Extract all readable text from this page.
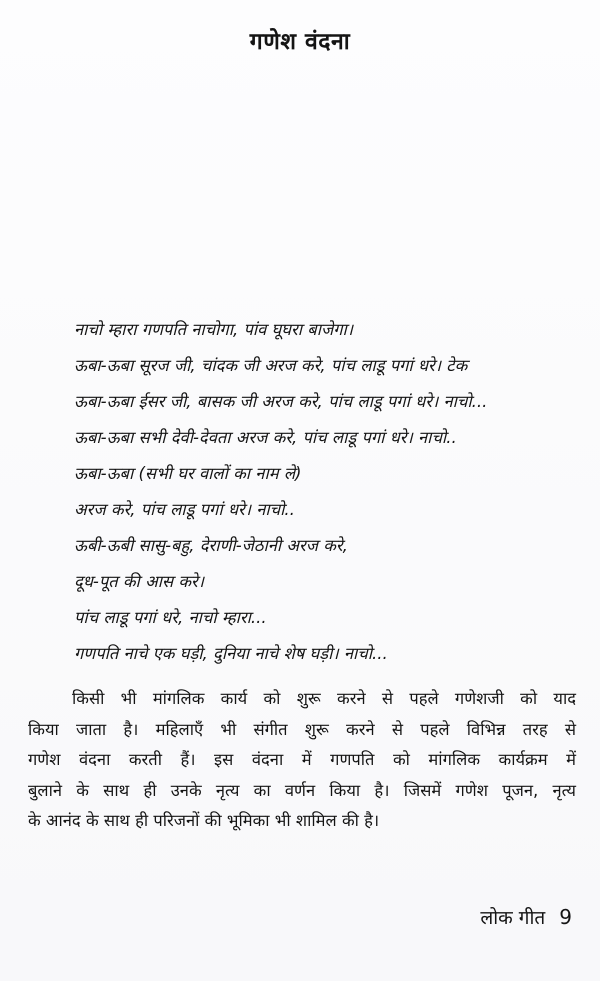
गणेश वंदना
नाचो म्हारा गणपति नाचोगा, पांव घूघरा बाजेगा।
ऊबा-ऊबा सूरज जी, चांदक जी अरज करे, पांच लाडू पगां धरे। टेक
ऊबा-ऊबा ईसर जी, बासक जी अरज करे, पांच लाडू पगां धरे। नाचो...
ऊबा-ऊबा सभी देवी-देवता अरज करे, पांच लाडू पगां धरे। नाचो..
ऊबा-ऊबा (सभी घर वालों का नाम ले)
अरज करे, पांच लाडू पगां धरे। नाचो..
ऊबी-ऊबी सासु-बहु, देराणी-जेठानी अरज करे,
दूध-पूत की आस करे।
पांच लाडू पगां धरे, नाचो म्हारा...
गणपति नाचे एक घड़ी, दुनिया नाचे शेष घड़ी। नाचो...
किसी भी मांगलिक कार्य को शुरू करने से पहले गणेशजी को याद
किया जाता है। महिलाएँ भी संगीत शुरू करने से पहले विभिन्न तरह से
गणेश वंदना करती हैं। इस वंदना में गणपति को मांगलिक कार्यक्रम में
बुलाने के साथ ही उनके नृत्य का वर्णन किया है। जिसमें गणेश पूजन, नृत्य
के आनंद के साथ ही परिजनों की भूमिका भी शामिल की है।
लोक गीत 9
